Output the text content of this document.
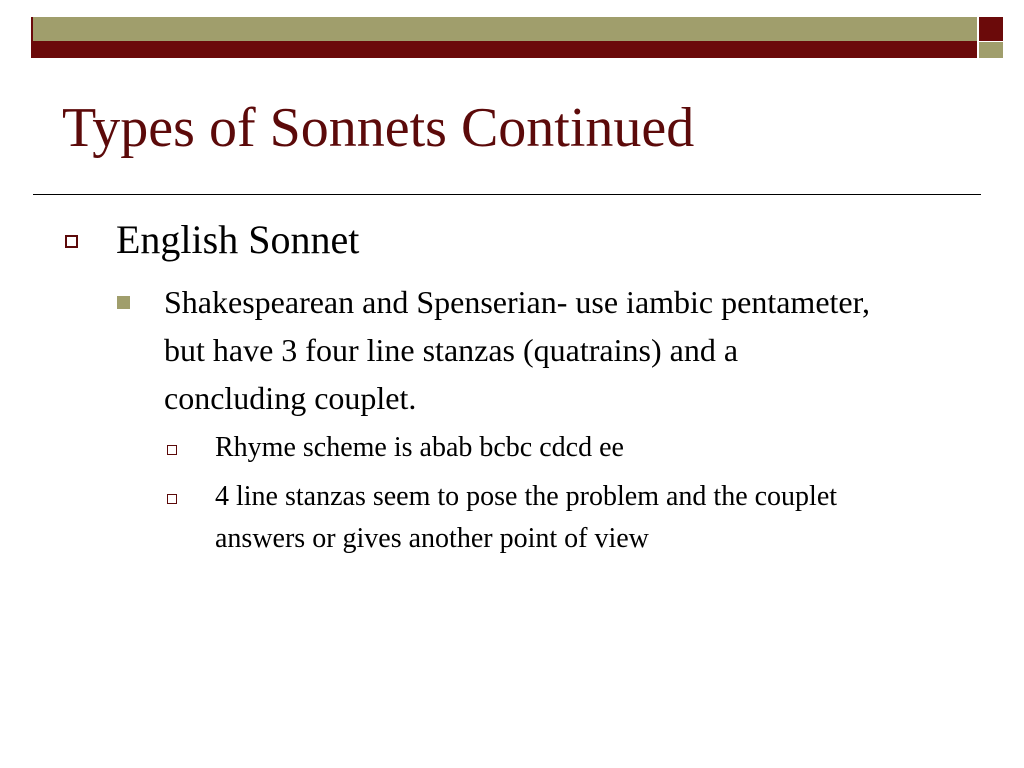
Types of Sonnets Continued
English Sonnet
Shakespearean and Spenserian- use iambic pentameter, but have 3 four line stanzas (quatrains) and a concluding couplet.
Rhyme scheme is abab bcbc cdcd ee
4 line stanzas seem to pose the problem and the couplet answers or gives another point of view
